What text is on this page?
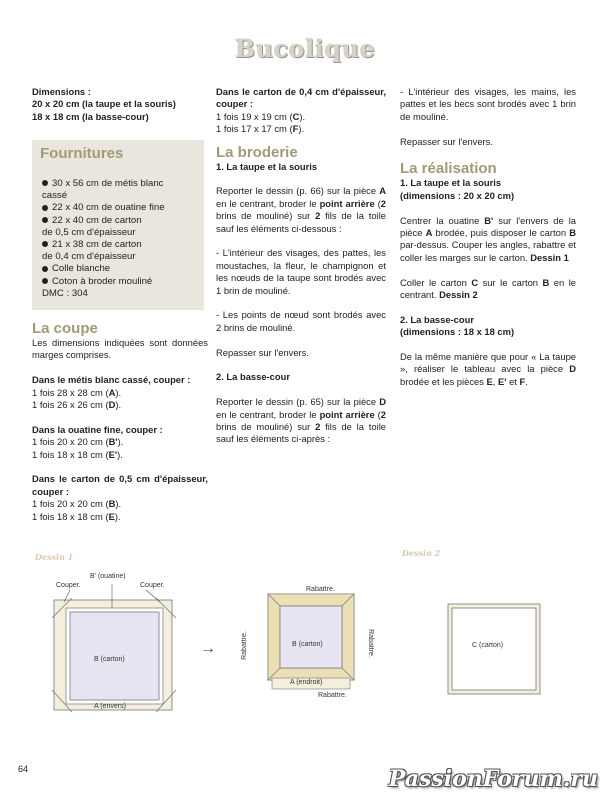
Bucolique

Dimensions :

20 x 20 cm (la taupe et la souris)

18 x 18 cm (la basse-cour)

Fournitures

30 x 56 cm de métis blanc
cassé
22 x 40 cm de ouatine fine
22 x 40 cm de carton
de 0,5 cm d'épaisseur
21 x 38 cm de carton
de 0,4 cm d'épaisseur
Colle blanche
Coton à broder mouliné
DMC : 304

La coupe

Les dimensions indiquées sont données marges comprises.

Dans le métis blanc cassé, couper :

1 fois 28 x 28 cm (A).

1 fois 26 x 26 cm (D).

Dans la ouatine fine, couper :

1 fois 20 x 20 cm (B').

1 fois 18 x 18 cm (E').

Dans le carton de 0,5 cm d'épaisseur, couper :

1 fois 20 x 20 cm (B).

1 fois 18 x 18 cm (E).

Dans le carton de 0,4 cm d'épaisseur, couper :

1 fois 19 x 19 cm (C).

1 fois 17 x 17 cm (F).

La broderie

1. La taupe et la souris

Reporter le dessin (p. 66) sur la pièce A en le centrant, broder le point arrière (2 brins de mouliné) sur 2 fils de la toile sauf les éléments ci-dessous :

- L'intérieur des visages, des pattes, les moustaches, la fleur, le champignon et les nœuds de la taupe sont brodés avec 1 brin de mouliné.

- Les points de nœud sont brodés avec 2 brins de mouliné.

Repasser sur l'envers.

2. La basse-cour

Reporter le dessin (p. 65) sur la pièce D en le centrant, broder le point arrière (2 brins de mouliné) sur 2 fils de la toile sauf les éléments ci-après :

- L'intérieur des visages, les mains, les pattes et les becs sont brodés avec 1 brin de mouliné.

Repasser sur l'envers.

La réalisation

1. La taupe et la souris

(dimensions : 20 x 20 cm)

Centrer la ouatine B' sur l'envers de la pièce A brodée, puis disposer le carton B par-dessus. Couper les angles, rabattre et coller les marges sur le carton. Dessin 1

Coller le carton C sur le carton B en le centrant. Dessin 2

2. La basse-cour

(dimensions : 18 x 18 cm)

De la même manière que pour « La taupe », réaliser le tableau avec la pièce D brodée et les pièces E, E' et F.

Dessin 1	Dessin 2
B' (ouatine)
Couper.	Couper.
B (carton)
A (envers)
→
Rabattre.
Rabattre.	Rabattre.
Rabattre.
B (carton)
A (endroit)
C (carton)
64	PassionForum.ru
